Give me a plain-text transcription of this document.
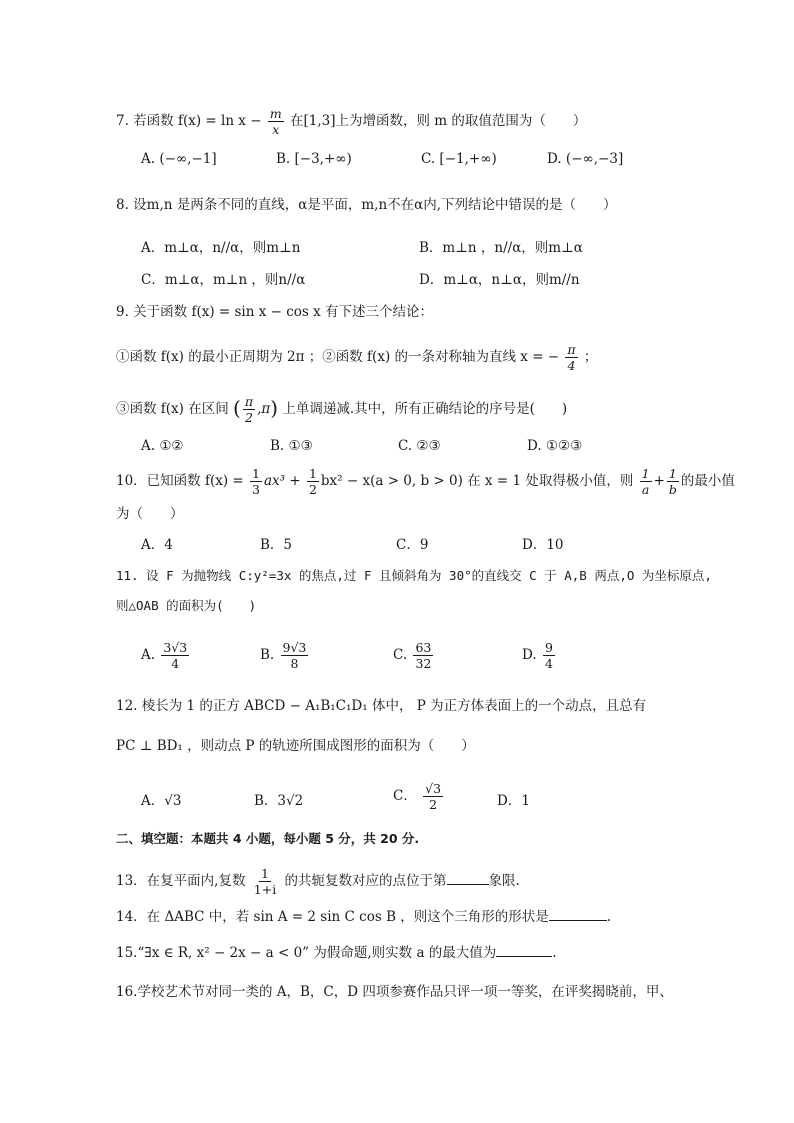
7. 若函数 $f(x) = \ln x - \frac{m}{x}$ 在[1,3]上为增函数，则 m 的取值范围为（　　）
A. (−∞,−1]	B. [−3,+∞)	C. [−1,+∞)	D. (−∞,−3]
8. 设m,n 是两条不同的直线，α是平面，m,n不在α内,下列结论中错误的是（　　）
A．m⊥α，n//α，则m⊥n	B．m⊥n ，n//α，则m⊥α
C．m⊥α，m⊥n ，则n//α	D．m⊥α，n⊥α，则m//n
9. 关于函数 f(x) = sin x − cos x 有下述三个结论：
①函数 f(x) 的最小正周期为 2π ；②函数 f(x) 的一条对称轴为直线 x = − $\frac{\pi}{4}$ ；
③函数 f(x) 在区间 ( $\frac{\pi}{2} ,\pi$) 上单调递减.其中，所有正确结论的序号是(　　)
A. ①②	B. ①③	C. ②③	D. ①②③
10．已知函数 $f(x) = \frac{1}{3} ax^3 + \frac{1}{2} bx^2 - x(a > 0$, b > 0) 在 x = 1 处取得极小值，则 $\frac{1}{a} + \frac{1}{b}$ 的最小值
为（　　）
A．4	B．5	C．9	D．10
11. 设 F 为抛物线 C:y²=3x 的焦点,过 F 且倾斜角为 30°的直线交 C 于 A,B 两点,O 为坐标原点,
则△OAB 的面积为(　　)
A. $\frac{3√3}{4}$	B. $\frac{9√3}{8}$	C. $\frac{63}{32}$	D. $\frac{9}{4}$
12. 棱长为 1 的正方 ABCD − A₁B₁C₁D₁ 体中， P 为正方体表面上的一个动点，且总有
PC ⊥ BD₁ ，则动点 P 的轨迹所围成图形的面积为（　　）
A．√3	B．3√2	C． $\frac{√3}{2}$	D．1
二、填空题：本题共 4 小题，每小题 5 分，共 20 分.
13．在复平面内,复数 $\frac{1}{1+i}$ 的共轭复数对应的点位于第	象限.
14．在 ΔABC 中，若 sin A = 2 sin C cos B ，则这个三角形的形状是	.
15.“∃x ∈ R, x² − 2x − a < 0” 为假命题,则实数 a 的最大值为	.
16.学校艺术节对同一类的 A，B，C，D 四项参赛作品只评一项一等奖，在评奖揭晓前，甲、
